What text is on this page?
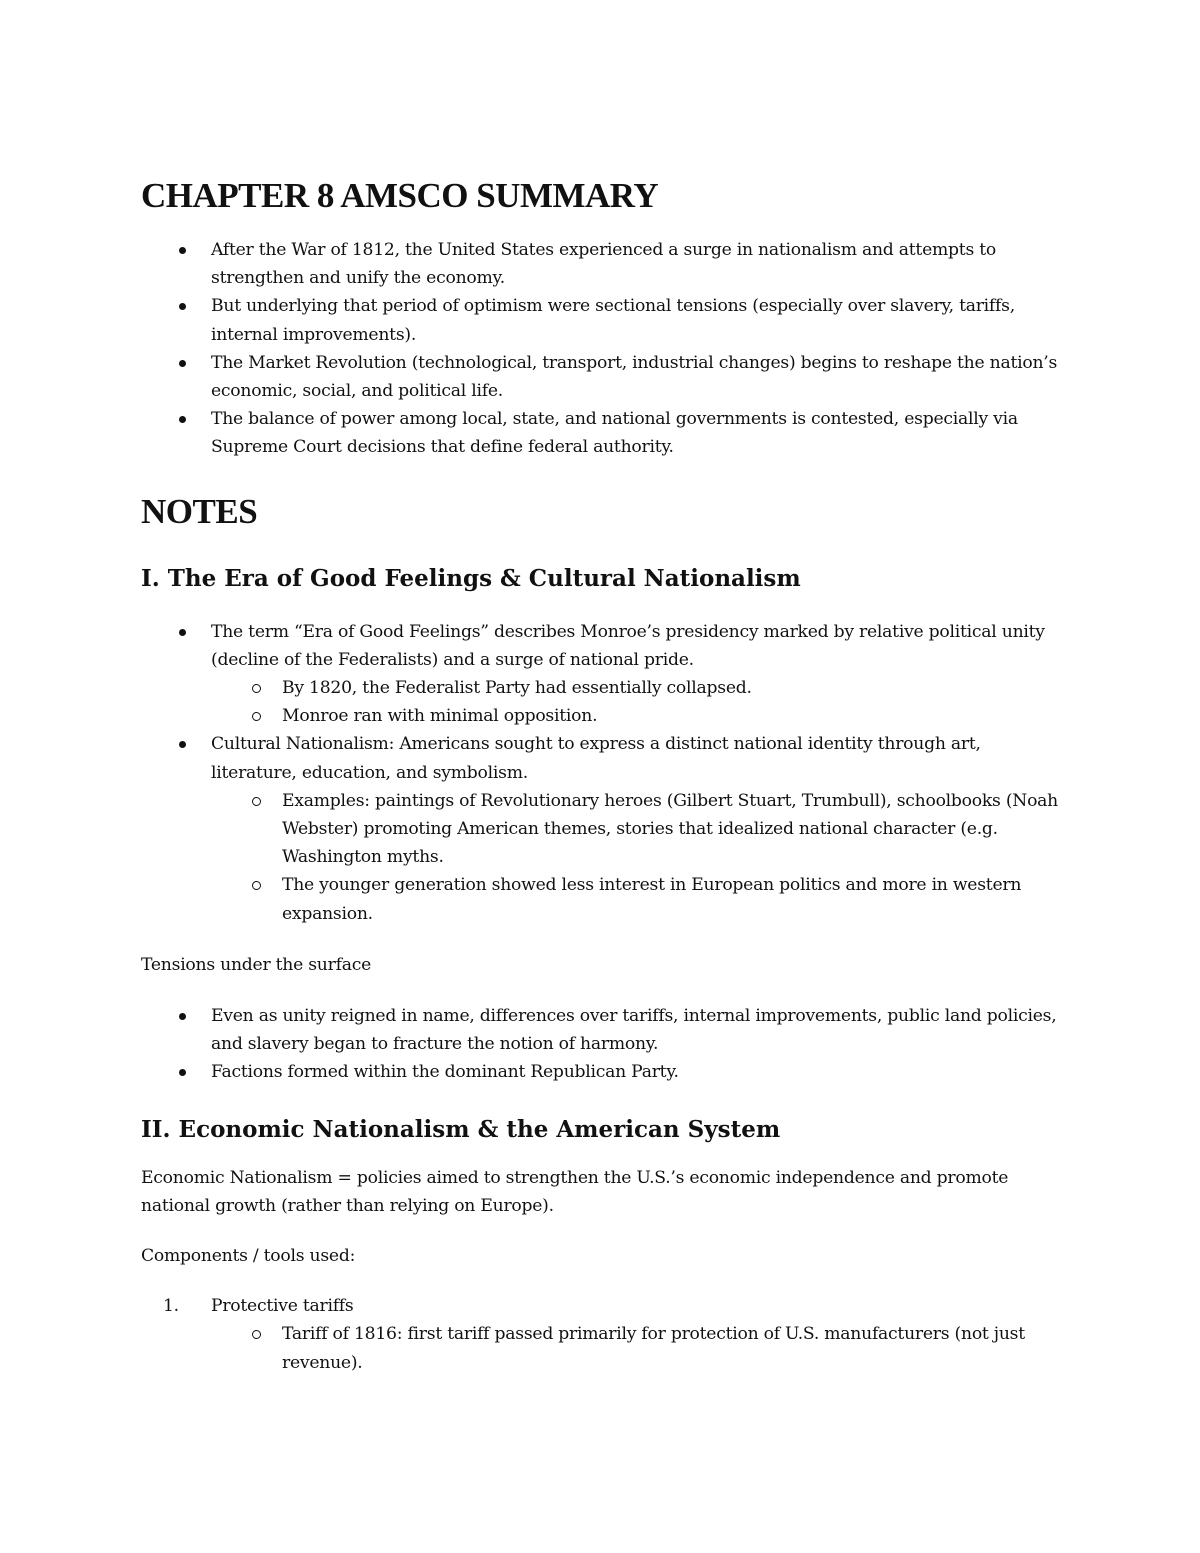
CHAPTER 8 AMSCO SUMMARY
After the War of 1812, the United States experienced a surge in nationalism and attempts to strengthen and unify the economy.
But underlying that period of optimism were sectional tensions (especially over slavery, tariffs, internal improvements).
The Market Revolution (technological, transport, industrial changes) begins to reshape the nation’s economic, social, and political life.
The balance of power among local, state, and national governments is contested, especially via Supreme Court decisions that define federal authority.
NOTES
I. The Era of Good Feelings & Cultural Nationalism
The term “Era of Good Feelings” describes Monroe’s presidency marked by relative political unity (decline of the Federalists) and a surge of national pride.
By 1820, the Federalist Party had essentially collapsed.
Monroe ran with minimal opposition.
Cultural Nationalism: Americans sought to express a distinct national identity through art, literature, education, and symbolism.
Examples: paintings of Revolutionary heroes (Gilbert Stuart, Trumbull), schoolbooks (Noah Webster) promoting American themes, stories that idealized national character (e.g. Washington myths.
The younger generation showed less interest in European politics and more in western expansion.

Tensions under the surface

Even as unity reigned in name, differences over tariffs, internal improvements, public land policies, and slavery began to fracture the notion of harmony.
Factions formed within the dominant Republican Party.
II. Economic Nationalism & the American System

Economic Nationalism = policies aimed to strengthen the U.S.’s economic independence and promote national growth (rather than relying on Europe).

Components / tools used:

1. Protective tariffs
Tariff of 1816: first tariff passed primarily for protection of U.S. manufacturers (not just revenue).
